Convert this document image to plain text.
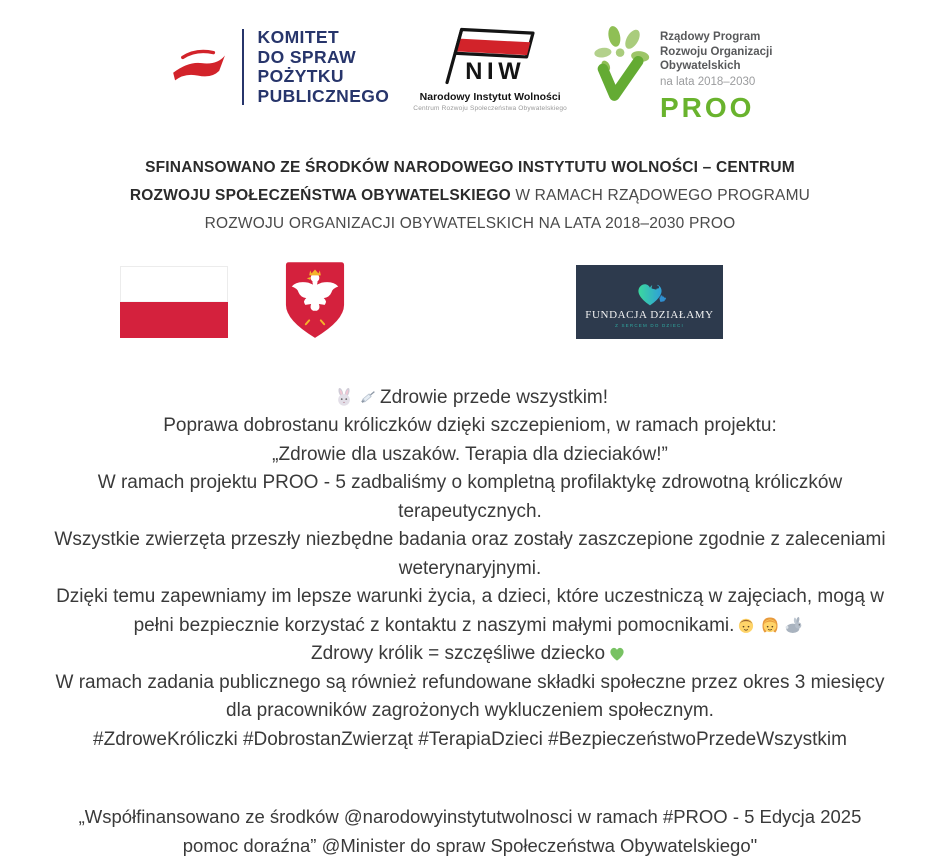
KOMITET
DO SPRAW
POŻYTKU
PUBLICZNEGO
NIW
Narodowy Instytut Wolności
Centrum Rozwoju Społeczeństwa Obywatelskiego
Rządowy Program
Rozwoju Organizacji
Obywatelskich
na lata 2018–2030
PROO
SFINANSOWANO ZE ŚRODKÓW NARODOWEGO INSTYTUTU WOLNOŚCI – CENTRUM
ROZWOJU SPOŁECZEŃSTWA OBYWATELSKIEGO W RAMACH RZĄDOWEGO PROGRAMU
ROZWOJU ORGANIZACJI OBYWATELSKICH NA LATA 2018–2030 PROO
FUNDACJA DZIAŁAMY
Z SERCEM DO DZIECI
Zdrowie przede wszystkim!
Poprawa dobrostanu króliczków dzięki szczepieniom, w ramach projektu:
„Zdrowie dla uszaków. Terapia dla dzieciaków!”
W ramach projektu PROO - 5 zadbaliśmy o kompletną profilaktykę zdrowotną króliczków terapeutycznych.
Wszystkie zwierzęta przeszły niezbędne badania oraz zostały zaszczepione zgodnie z zaleceniami weterynaryjnymi.
Dzięki temu zapewniamy im lepsze warunki życia, a dzieci, które uczestniczą w zajęciach, mogą w pełni bezpiecznie korzystać z kontaktu z naszymi małymi pomocnikami.
Zdrowy królik = szczęśliwe dziecko
W ramach zadania publicznego są również refundowane składki społeczne przez okres 3 miesięcy dla pracowników zagrożonych wykluczeniem społecznym.
#ZdroweKróliczki #DobrostanZwierząt #TerapiaDzieci #BezpieczeństwoPrzedeWszystkim
„Współfinansowano ze środków @narodowyinstytutwolnosci w ramach #PROO - 5 Edycja 2025 pomoc doraźna” @Minister do spraw Społeczeństwa Obywatelskiego"
